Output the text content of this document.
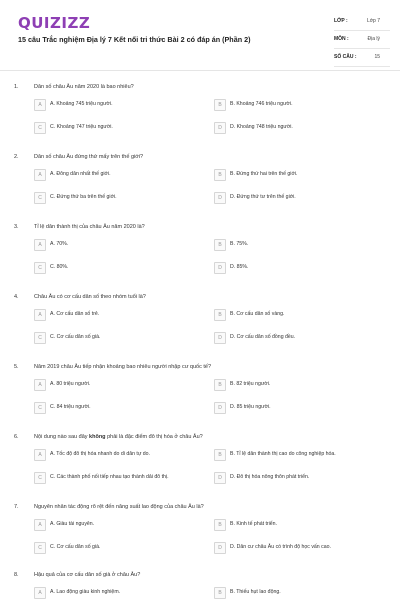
QUIZIZZ
15 câu Trắc nghiệm Địa lý 7 Kết nối tri thức Bài 2 có đáp án (Phần 2)
LỚP :	Lớp 7
MÔN :	Địa lý
SỐ CÂU :	15
1.	Dân số châu Âu năm 2020 là bao nhiêu?
A	A. Khoảng 745 triệu người.	B	B. Khoảng 746 triệu người.
C	C. Khoảng 747 triệu người.	D	D. Khoảng 748 triệu người.
2.	Dân số châu Âu đứng thứ mấy trên thế giới?
A	A. Đông dân nhất thế giới.	B	B. Đứng thứ hai trên thế giới.
C	C. Đứng thứ ba trên thế giới.	D	D. Đứng thứ tư trên thế giới.
3.	Tỉ lệ dân thành thị của châu Âu năm 2020 là?
A	A. 70%.	B	B. 75%.
C	C. 80%.	D	D. 85%.
4.	Châu Âu có cơ cấu dân số theo nhóm tuổi là?
A	A. Cơ cấu dân số trẻ.	B	B. Cơ cấu dân số vàng.
C	C. Cơ cấu dân số già.	D	D. Cơ cấu dân số đồng đều.
5.	Năm 2019 châu Âu tiếp nhận khoảng bao nhiêu người nhập cư quốc tế?
A	A. 80 triệu người.	B	B. 82 triệu người.
C	C. 84 triệu người.	D	D. 85 triệu người.
6.	Nội dung nào sau đây không phải là đặc điểm đô thị hóa ở châu Âu?
A	A. Tốc độ đô thị hóa nhanh do di dân tự do.	B	B. Tỉ lệ dân thành thị cao do công nghiệp hóa.
C	C. Các thành phố nối tiếp nhau tạo thành dải đô thị.	D	D. Đô thị hóa nông thôn phát triển.
7.	Nguyên nhân tác động rõ rệt đến năng suất lao động của châu Âu là?
A	A. Giàu tài nguyên.	B	B. Kinh tế phát triển.
C	C. Cơ cấu dân số già.	D	D. Dân cư châu Âu có trình độ học vấn cao.
8.	Hậu quả của cơ cấu dân số già ở châu Âu?
A	A. Lao động giàu kinh nghiệm.	B	B. Thiếu hụt lao động.
